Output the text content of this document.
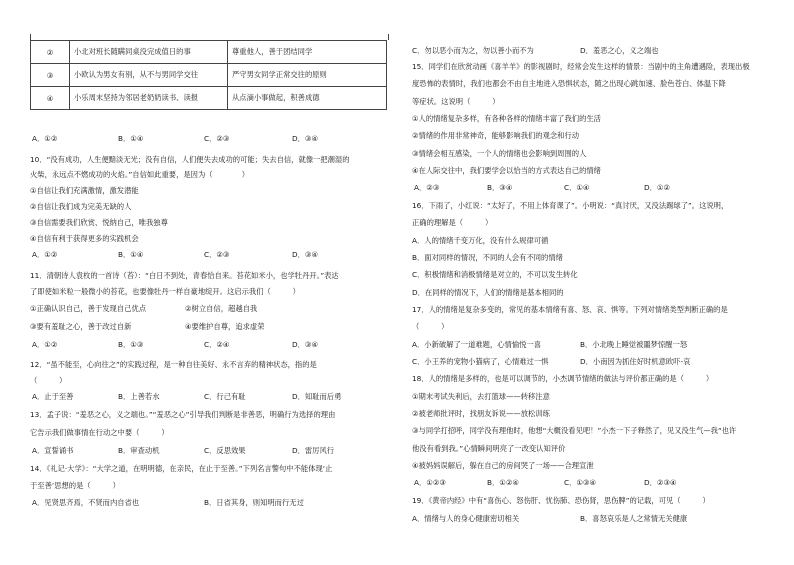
②	小北对班长随瞒同桌没完成值日的事	尊重他人，善于团结同学
③	小欧认为男女有别，从不与男同学交往	严守男女同学正常交往的原则
④	小乐周末坚持为邻居老奶奶读书、读报	从点滴小事做起，积善成德
A．①②	B．①④	C．②③	D．③④
10．“没有成功，人生便黯淡无光；没有自信，人们便失去成功的可能；失去自信，就像一把潮湿的
火柴，永远点不燃成功的火焰。”自信如此重要，是因为（　　　　）
①自信让我们充满激情，激发潜能
②自信让我们成为完美无缺的人
③自信需要我们欣赏、悦纳自己，唯我独尊
④自信有利于获得更多的实践机会
A．①②	B．①④	C．②③	D．③④
11．清朝诗人袁枚的一首诗（苔）：“白日不到处，青春恰自来。苔花如米小，也学牡丹开。”表达
了即使如米粒一般微小的苔花，也要像牡丹一样自豪地绽开。这启示我们（　　　）
①正确认识自己，善于发现自己优点	②树立自信，超越自我
③要有羞耻之心，善于改过自新	④要维护自尊，追求虚荣
A．①②	B．①③	C．②④	D．③④
12．“虽不能至，心向往之”的实践过程，是一种自往美好、永不言弃的精神状态，指的是
（　　　）
A．止于至善	B．上善若水	C．行己有耻	D．知耻而后勇
13．孟子说：“羞恶之心，义之端也。”“羞恶之心”引导我们判断是非善恶，明确行为选择的理由
它告示我们做事情在行动之中要（　　　）
A．宣誓诵书	B．审查动机	C．反思效果	D．雷厉风行
14．《礼记·大学》：“大学之道，在明明德，在亲民，在止于至善。”下列名言警句中不能体现‘止
于至善’思想的是（　　　）
A．见贤思齐焉，不贤而内自省也	B．日省其身，则知明而行无过
C．勿以恶小而为之，勿以善小而不为	D．羞恶之心，义之端也
15．同学们在欣赏动画《喜羊羊》的影视剧时，经常会发生这样的情景：当剧中的主角遭遇险，表现出极
度恐怖的表情时，我们也都会不由自主地进入恐惧状态，随之出现心跳加速、脸色苍白、体温下降
等症状。这说明（　　　）
①人的情绪复杂多样，有各种各样的情绪丰富了我们的生活
②情绪的作用非常神奇，能够影响我们的观念和行动
③情绪会相互感染，一个人的情绪也会影响到周围的人
④在人际交往中，我们要学会以恰当的方式表达自己的情绪
A．②③	B．③④	C．①④	D．①②
16．下雨了，小红说：“太好了，不用上体育课了”。小明说：“真讨厌，又没法踢球了”。这说明，
正确的理解是（　　　）
A．人的情绪千变万化，没有什么规律可循
B．面对同样的情况，不同的人会有不同的情绪
C．积极情绪和消极情绪是对立的，不可以发生转化
D．在同样的情况下，人们的情绪是基本相同的
17．人的情绪是复杂多变的，常见的基本情绪有喜、怒、哀、惧等。下列对情绪类型判断正确的是
（　　　）
A．小新破解了一道难题，心情愉悦一喜	B．小北晚上睡觉被噩梦惊醒一怒
C．小王养的宠物小猫病了，心情难过一惧	D．小南因为抓住好时机意欧吓-哀
18．人的情绪是多样的，也是可以调节的，小杰调节情绪的做法与评价都正确的是（　　　）
①期末考试失利后，去打篮球——转移注意
②被老师批评时，找朋友诉说——放松训练
③与同学打招呼，同学没有理他时，他想“大概没看见吧！”小杰一下子释然了，见又没生气—我“也许
他没有看到我。”心情瞬间明亮了一改变认知评价
④被妈妈误解后，躲在自己的房间哭了一场——合理宣泄
A．①②③	B．①②④	C．①③④	D．②③④
19．《黄帝内经》中有“喜伤心、怒伤肝、忧伤肺、恐伤肾，思伤脾”的记载，可见（　　　）
A．情绪与人的身心健康密切相关	B．喜怒哀乐是人之常情无关健康
